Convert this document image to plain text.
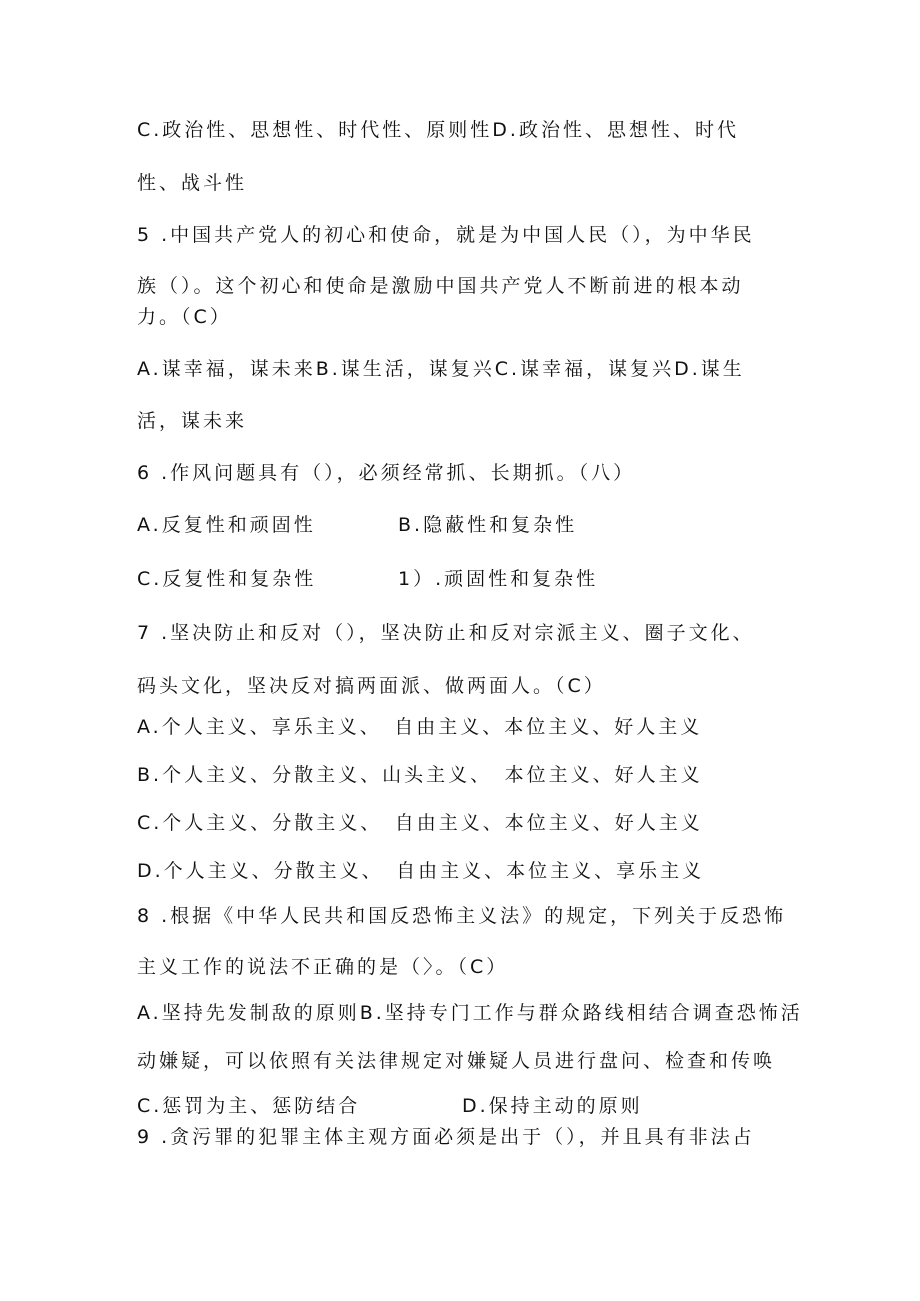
C.政治性、思想性、时代性、原则性D.政治性、思想性、时代
性、战斗性
5 .中国共产党人的初心和使命，就是为中国人民（），为中华民
族（）。这个初心和使命是激励中国共产党人不断前进的根本动
力。（C）
A.谋幸福，谋未来B.谋生活，谋复兴C.谋幸福，谋复兴D.谋生
活，谋未来
6 .作风问题具有（），必须经常抓、长期抓。（八）
A.反复性和顽固性	B.隐蔽性和复杂性
C.反复性和复杂性	1）.顽固性和复杂性
7 .坚决防止和反对（），坚决防止和反对宗派主义、圈子文化、
码头文化，坚决反对搞两面派、做两面人。（C）
A.个人主义、享乐主义、　自由主义、本位主义、好人主义
B.个人主义、分散主义、山头主义、　本位主义、好人主义
C.个人主义、分散主义、　自由主义、本位主义、好人主义
D.个人主义、分散主义、　自由主义、本位主义、享乐主义
8 .根据《中华人民共和国反恐怖主义法》的规定，下列关于反恐怖
主义工作的说法不正确的是（〉。（C）
A.坚持先发制敌的原则B.坚持专门工作与群众路线相结合调查恐怖活
动嫌疑，可以依照有关法律规定对嫌疑人员进行盘问、检查和传唤
C.惩罚为主、惩防结合	D.保持主动的原则
9 .贪污罪的犯罪主体主观方面必须是出于（），并且具有非法占
